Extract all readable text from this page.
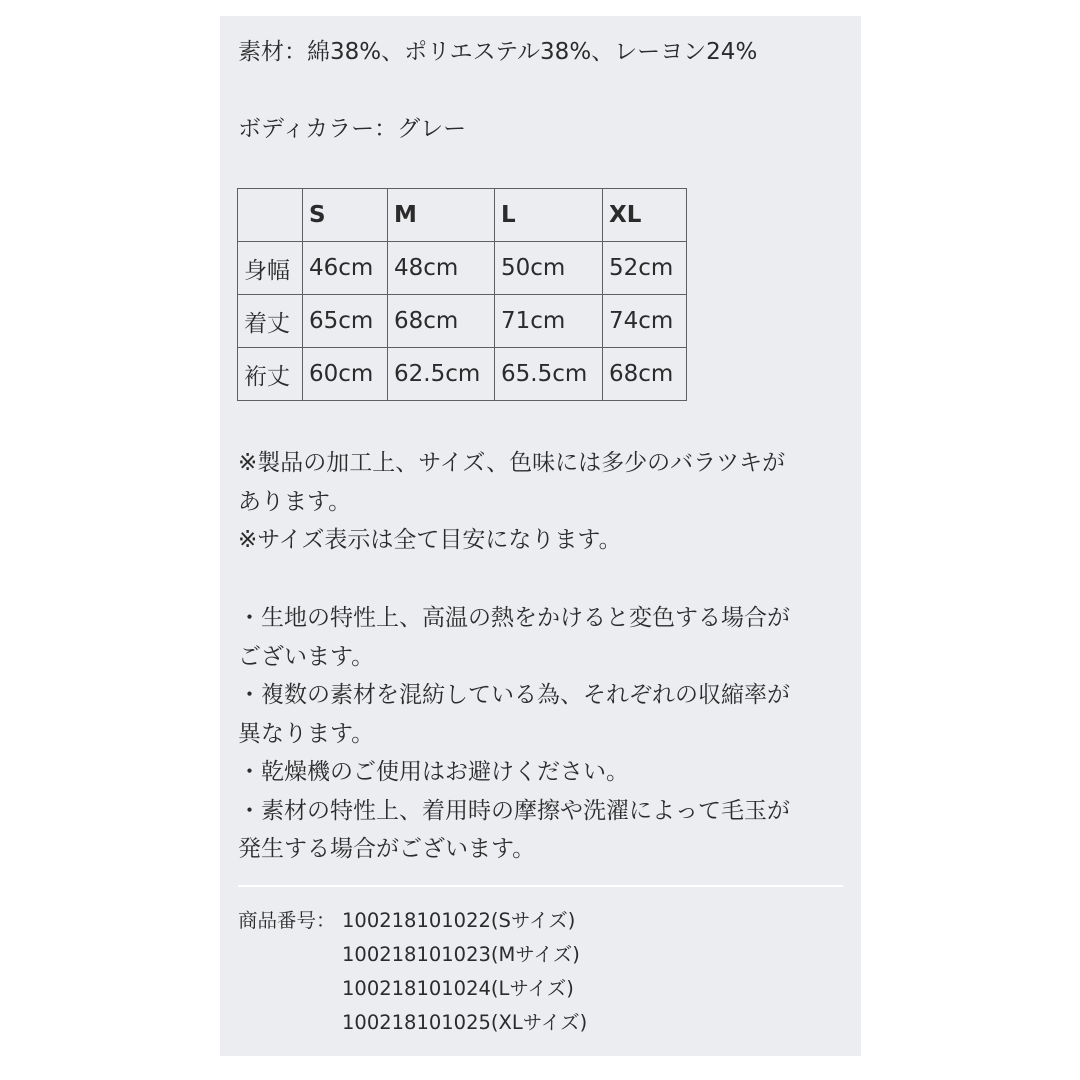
素材：綿38%、ポリエステル38%、レーヨン24%
ボディカラー：グレー
	S	M	L	XL
身幅	46cm	48cm	50cm	52cm
着丈	65cm	68cm	71cm	74cm
裄丈	60cm	62.5cm	65.5cm	68cm
※製品の加工上、サイズ、色味には多少のバラツキが
あります。
※サイズ表示は全て目安になります。
・生地の特性上、高温の熱をかけると変色する場合が
ございます。
・複数の素材を混紡している為、それぞれの収縮率が
異なります。
・乾燥機のご使用はお避けください。
・素材の特性上、着用時の摩擦や洗濯によって毛玉が
発生する場合がございます。
商品番号： 100218101022(Sサイズ)
100218101023(Mサイズ)
100218101024(Lサイズ)
100218101025(XLサイズ)
